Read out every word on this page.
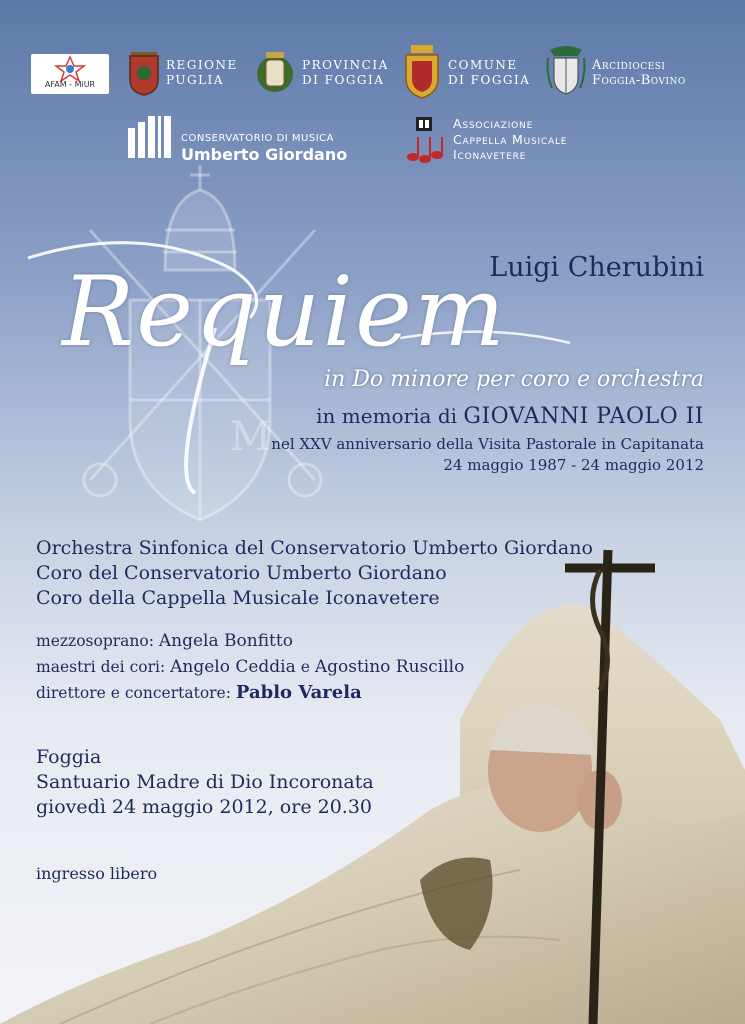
M
AFAM - MiUR
REGIONE
PUGLIA
PROVINCIA
DI FOGGIA
COMUNE
DI FOGGIA
Arcidiocesi
Foggia-Bovino
CONSERVATORIO DI MUSICA
Umberto Giordano
Associazione
Cappella Musicale
Iconavetere
Luigi Cherubini
Requiem
in Do minore per coro e orchestra
in memoria di GIOVANNI PAOLO II
nel XXV anniversario della Visita Pastorale in Capitanata
24 maggio 1987 - 24 maggio 2012
Orchestra Sinfonica del Conservatorio Umberto Giordano
Coro del Conservatorio Umberto Giordano
Coro della Cappella Musicale Iconavetere
mezzosoprano: Angela Bonfitto
maestri dei cori: Angelo Ceddia e Agostino Ruscillo
direttore e concertatore: Pablo Varela
Foggia
Santuario Madre di Dio Incoronata
giovedì 24 maggio 2012, ore 20.30
ingresso libero
